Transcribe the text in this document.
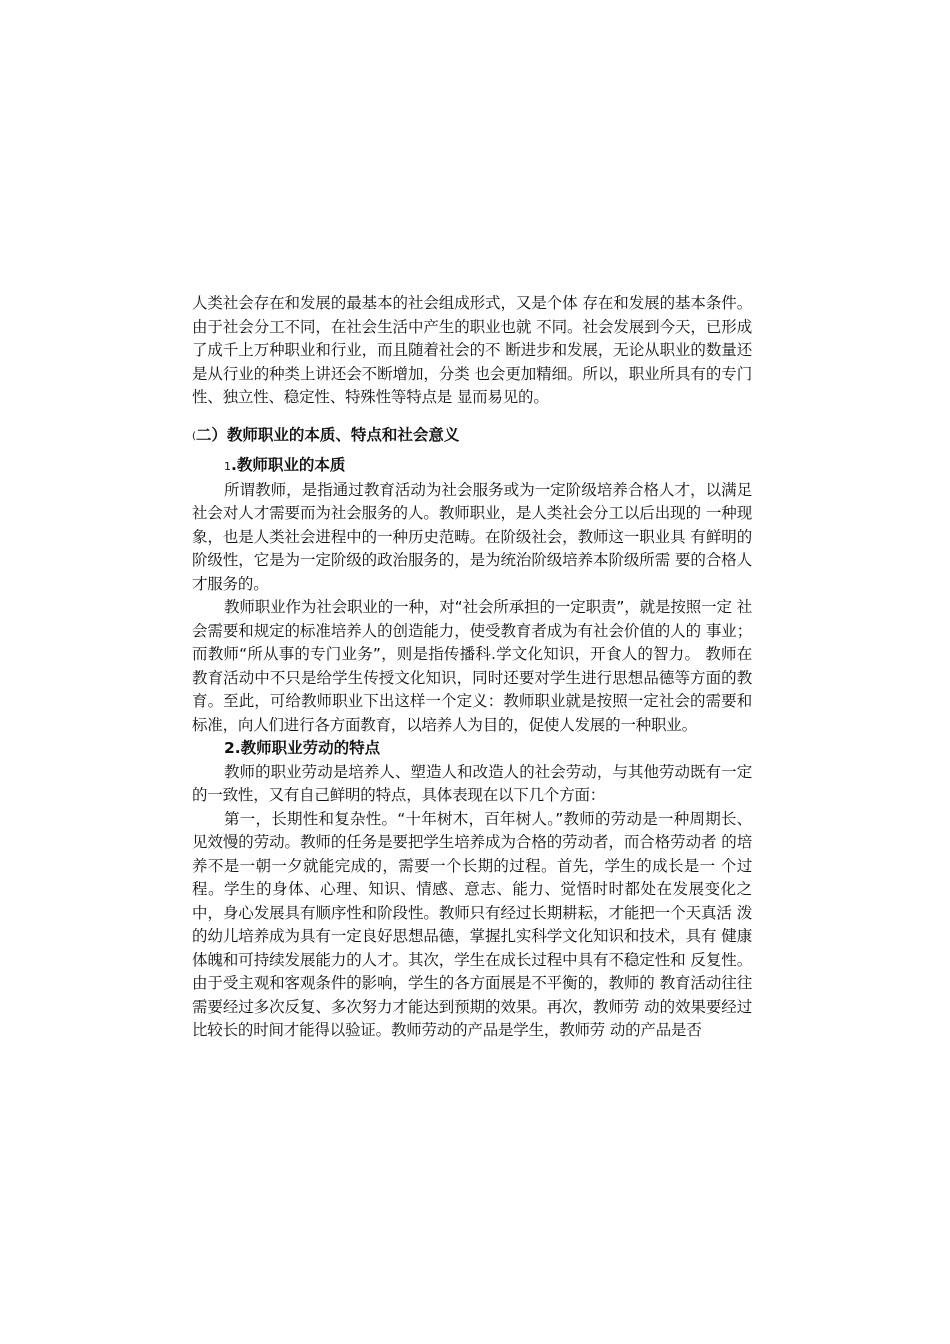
人类社会存在和发展的最基本的社会组成形式，又是个体 存在和发展的基本条件。由于社会分工不同，在社会生活中产生的职业也就 不同。社会发展到今天，已形成了成千上万种职业和行业，而且随着社会的不 断进步和发展，无论从职业的数量还是从行业的种类上讲还会不断增加，分类 也会更加精细。所以，职业所具有的专门性、独立性、稳定性、特殊性等特点是 显而易见的。

(二）教师职业的本质、特点和社会意义
1.教师职业的本质

所谓教师，是指通过教育活动为社会服务或为一定阶级培养合格人才，以满足社会对人才需要而为社会服务的人。教师职业，是人类社会分工以后出现的 一种现象，也是人类社会进程中的一种历史范畴。在阶级社会，教师这一职业具 有鲜明的阶级性，它是为一定阶级的政治服务的，是为统治阶级培养本阶级所需 要的合格人才服务的。

教师职业作为社会职业的一种，对“社会所承担的一定职责”，就是按照一定 社会需要和规定的标准培养人的创造能力，使受教育者成为有社会价值的人的 事业；而教师“所从事的专门业务”，则是指传播科.学文化知识，开食人的智力。 教师在教育活动中不只是给学生传授文化知识，同时还要对学生进行思想品德等方面的教育。至此，可给教师职业下出这样一个定义：教师职业就是按照一定社会的需要和标准，向人们进行各方面教育，以培养人为目的，促使人发展的一种职业。

2.教师职业劳动的特点

教师的职业劳动是培养人、塑造人和改造人的社会劳动，与其他劳动既有一定的一致性，又有自己鲜明的特点，具体表现在以下几个方面：

第一，长期性和复杂性。“十年树木，百年树人。”教师的劳动是一种周期长、见效慢的劳动。教师的任务是要把学生培养成为合格的劳动者，而合格劳动者 的培养不是一朝一夕就能完成的，需要一个长期的过程。首先，学生的成长是一 个过程。学生的身体、心理、知识、情感、意志、能力、觉悟时时都处在发展变化之 中，身心发展具有顺序性和阶段性。教师只有经过长期耕耘，才能把一个天真活 泼的幼儿培养成为具有一定良好思想品德，掌握扎实科学文化知识和技术，具有 健康体魄和可持续发展能力的人才。其次，学生在成长过程中具有不稳定性和 反复性。由于受主观和客观条件的影响，学生的各方面展是不平衡的，教师的 教育活动往往需要经过多次反复、多次努力才能达到预期的效果。再次，教师劳 动的效果要经过比较长的时间才能得以验证。教师劳动的产品是学生，教师劳 动的产品是否
